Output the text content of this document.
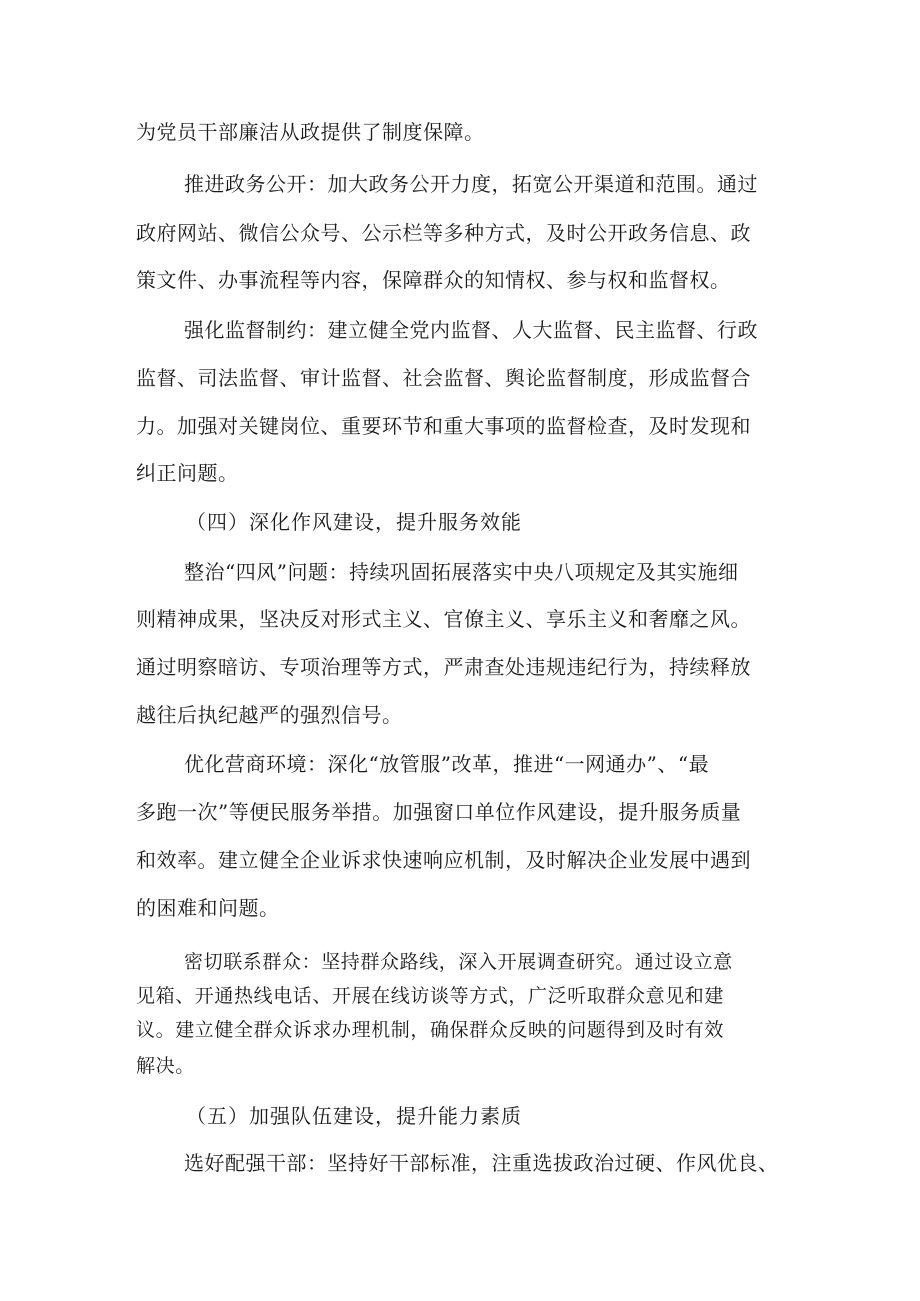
为党员干部廉洁从政提供了制度保障。
推进政务公开：加大政务公开力度，拓宽公开渠道和范围。通过
政府网站、微信公众号、公示栏等多种方式，及时公开政务信息、政
策文件、办事流程等内容，保障群众的知情权、参与权和监督权。
强化监督制约：建立健全党内监督、人大监督、民主监督、行政
监督、司法监督、审计监督、社会监督、舆论监督制度，形成监督合
力。加强对关键岗位、重要环节和重大事项的监督检查，及时发现和
纠正问题。
（四）深化作风建设，提升服务效能
整治“四风”问题：持续巩固拓展落实中央八项规定及其实施细
则精神成果，坚决反对形式主义、官僚主义、享乐主义和奢靡之风。
通过明察暗访、专项治理等方式，严肃查处违规违纪行为，持续释放
越往后执纪越严的强烈信号。
优化营商环境：深化“放管服”改革，推进“一网通办”、“最
多跑一次”等便民服务举措。加强窗口单位作风建设，提升服务质量
和效率。建立健全企业诉求快速响应机制，及时解决企业发展中遇到
的困难和问题。
密切联系群众：坚持群众路线，深入开展调查研究。通过设立意
见箱、开通热线电话、开展在线访谈等方式，广泛听取群众意见和建
议。建立健全群众诉求办理机制，确保群众反映的问题得到及时有效
解决。
（五）加强队伍建设，提升能力素质
选好配强干部：坚持好干部标准，注重选拔政治过硬、作风优良、
